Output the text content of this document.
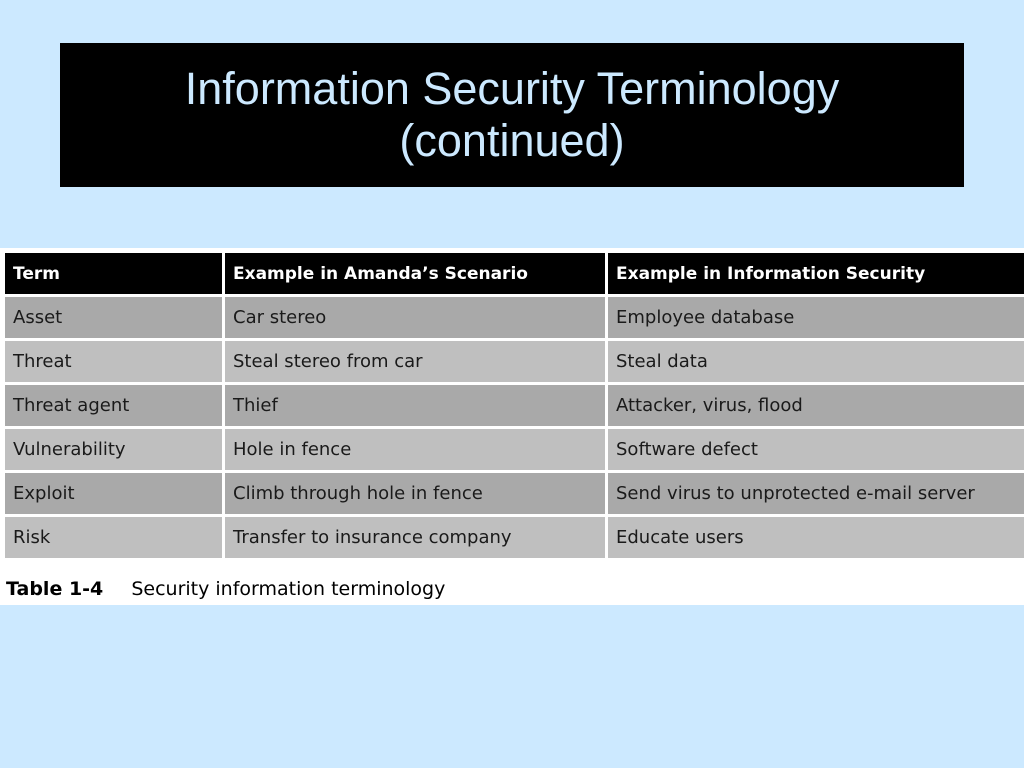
Information Security Terminology
(continued)
Term	Example in Amanda’s Scenario	Example in Information Security
Asset	Car stereo	Employee database
Threat	Steal stereo from car	Steal data
Threat agent	Thief	Attacker, virus, flood
Vulnerability	Hole in fence	Software defect
Exploit	Climb through hole in fence	Send virus to unprotected e-mail server
Risk	Transfer to insurance company	Educate users
Table 1-4 Security information terminology
